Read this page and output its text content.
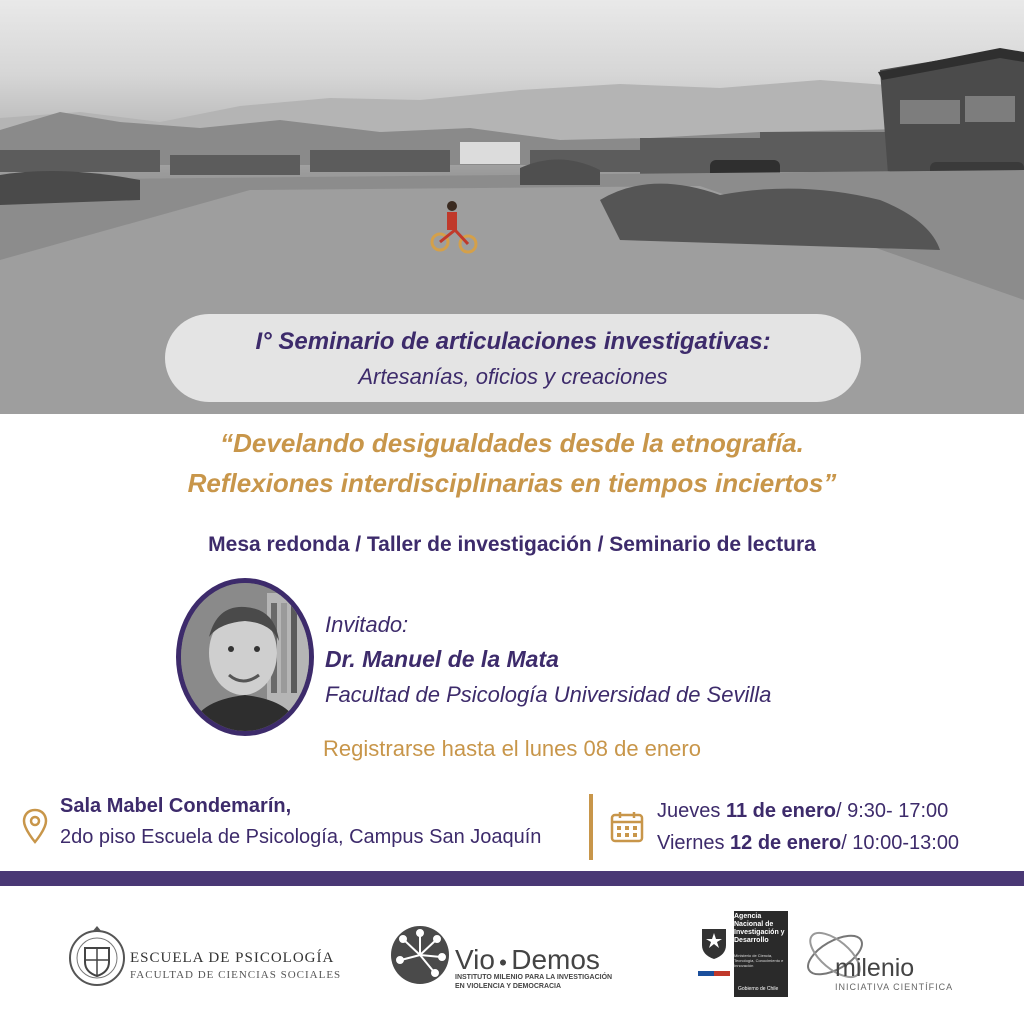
I° Seminario de articulaciones investigativas:
Artesanías, oficios y creaciones
“Develando desigualdades desde la etnografía.
Reflexiones interdisciplinarias en tiempos inciertos”
Mesa redonda / Taller de investigación / Seminario de lectura
Invitado:
Dr. Manuel de la Mata
Facultad de Psicología Universidad de Sevilla
Registrarse hasta el lunes 08 de enero
Sala Mabel Condemarín,
2do piso Escuela de Psicología, Campus San Joaquín
Jueves 11 de enero/ 9:30- 17:00
Viernes 12 de enero/ 10:00-13:00
ESCUELA DE PSICOLOGÍA
FACULTAD DE CIENCIAS SOCIALES	Vio ● Demos
INSTITUTO MILENIO PARA LA INVESTIGACIÓN EN VIOLENCIA Y DEMOCRACIA
Agencia Nacional de Investigación y Desarrollo
Ministerio de Ciencia, Tecnología, Conocimiento e Innovación
Gobierno de Chile
milenio
INICIATIVA CIENTÍFICA
